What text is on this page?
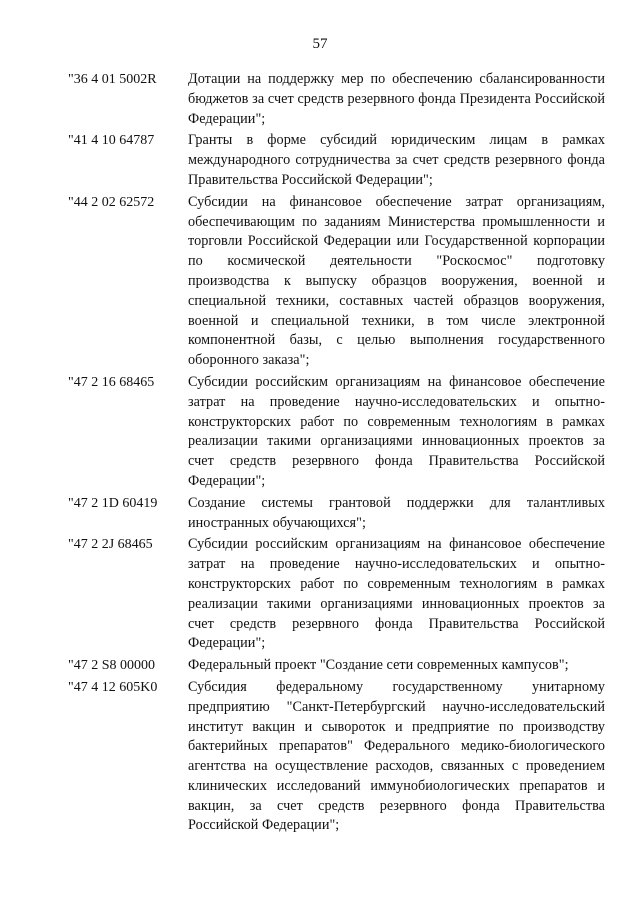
57
"36 4 01 5002R	Дотации на поддержку мер по обеспечению сбалансированности бюджетов за счет средств резервного фонда Президента Российской Федерации";
"41 4 10 64787	Гранты в форме субсидий юридическим лицам в рамках международного сотрудничества за счет средств резервного фонда Правительства Российской Федерации";
"44 2 02 62572	Субсидии на финансовое обеспечение затрат организациям, обеспечивающим по заданиям Министерства промышленности и торговли Российской Федерации или Государственной корпорации по космической деятельности "Роскосмос" подготовку производства к выпуску образцов вооружения, военной и специальной техники, составных частей образцов вооружения, военной и специальной техники, в том числе электронной компонентной базы, с целью выполнения государственного оборонного заказа";
"47 2 16 68465	Субсидии российским организациям на финансовое обеспечение затрат на проведение научно-исследовательских и опытно-конструкторских работ по современным технологиям в рамках реализации такими организациями инновационных проектов за счет средств резервного фонда Правительства Российской Федерации";
"47 2 1D 60419	Создание системы грантовой поддержки для талантливых иностранных обучающихся";
"47 2 2J 68465	Субсидии российским организациям на финансовое обеспечение затрат на проведение научно-исследовательских и опытно-конструкторских работ по современным технологиям в рамках реализации такими организациями инновационных проектов за счет средств резервного фонда Правительства Российской Федерации";
"47 2 S8 00000	Федеральный проект "Создание сети современных кампусов";
"47 4 12 605K0	Субсидия федеральному государственному унитарному предприятию "Санкт-Петербургский научно-исследовательский институт вакцин и сывороток и предприятие по производству бактерийных препаратов" Федерального медико-биологического агентства на осуществление расходов, связанных с проведением клинических исследований иммунобиологических препаратов и вакцин, за счет средств резервного фонда Правительства Российской Федерации";
